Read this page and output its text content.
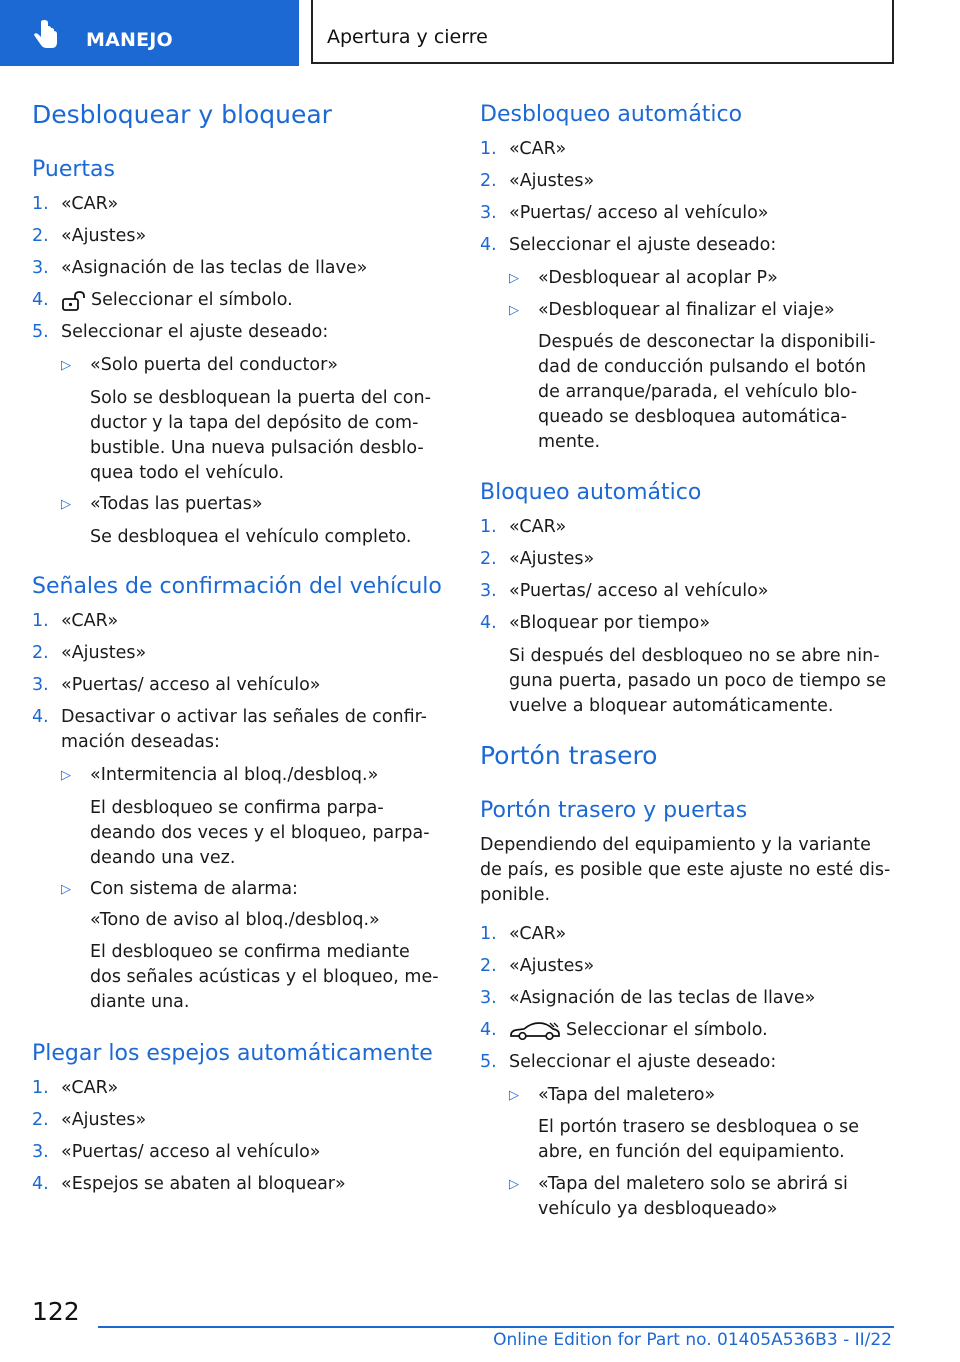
MANEJO	Apertura y cierre
Desbloquear y bloquear
Puertas
1. «CAR»
2. «Ajustes»
3. «Asignación de las teclas de llave»
4. Seleccionar el símbolo.
5. Seleccionar el ajuste deseado:
▷ «Solo puerta del conductor»
Solo se desbloquean la puerta del con-
ductor y la tapa del depósito de com-
bustible. Una nueva pulsación desblo-
quea todo el vehículo.
▷ «Todas las puertas»
Se desbloquea el vehículo completo.
Señales de confirmación del vehículo
1. «CAR»
2. «Ajustes»
3. «Puertas/ acceso al vehículo»
4. Desactivar o activar las señales de confir-
mación deseadas:
▷ «Intermitencia al bloq./desbloq.»
El desbloqueo se confirma parpa-
deando dos veces y el bloqueo, parpa-
deando una vez.
▷ Con sistema de alarma:
«Tono de aviso al bloq./desbloq.»
El desbloqueo se confirma mediante
dos señales acústicas y el bloqueo, me-
diante una.
Plegar los espejos automáticamente
1. «CAR»
2. «Ajustes»
3. «Puertas/ acceso al vehículo»
4. «Espejos se abaten al bloquear»
Desbloqueo automático
1. «CAR»
2. «Ajustes»
3. «Puertas/ acceso al vehículo»
4. Seleccionar el ajuste deseado:
▷ «Desbloquear al acoplar P»
▷ «Desbloquear al finalizar el viaje»
Después de desconectar la disponibili-
dad de conducción pulsando el botón
de arranque/parada, el vehículo blo-
queado se desbloquea automática-
mente.
Bloqueo automático
1. «CAR»
2. «Ajustes»
3. «Puertas/ acceso al vehículo»
4. «Bloquear por tiempo»
Si después del desbloqueo no se abre nin-
guna puerta, pasado un poco de tiempo se
vuelve a bloquear automáticamente.
Portón trasero
Portón trasero y puertas
Dependiendo del equipamiento y la variante
de país, es posible que este ajuste no esté dis-
ponible.
1. «CAR»
2. «Ajustes»
3. «Asignación de las teclas de llave»
4.	Seleccionar el símbolo.
5. Seleccionar el ajuste deseado:
▷ «Tapa del maletero»
El portón trasero se desbloquea o se
abre, en función del equipamiento.
▷ «Tapa del maletero solo se abrirá si
vehículo ya desbloqueado»
122
Online Edition for Part no. 01405A536B3 - II/22
